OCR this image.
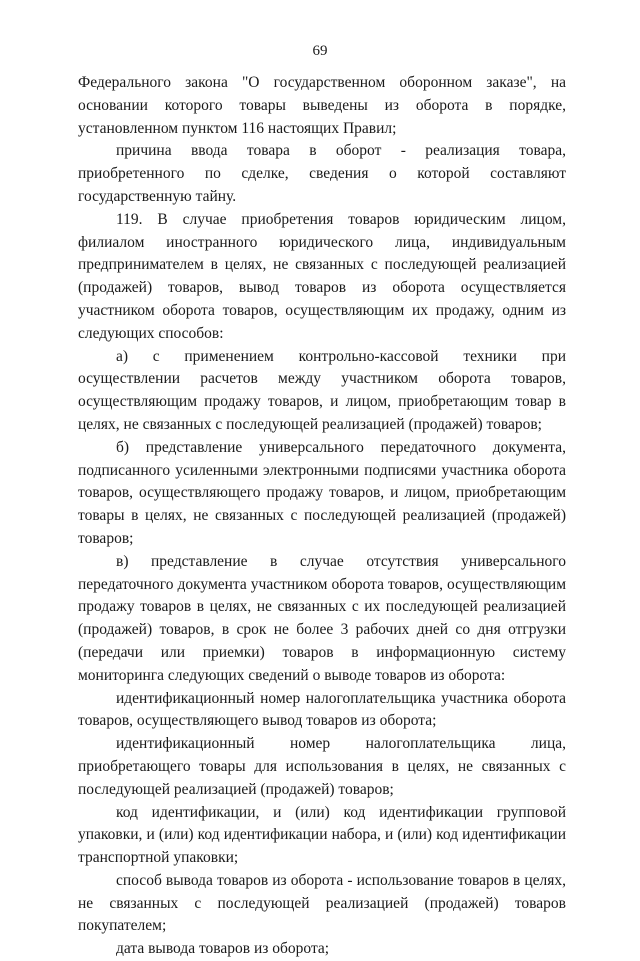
69

Федерального закона "О государственном оборонном заказе", на основании которого товары выведены из оборота в порядке, установленном пунктом 116 настоящих Правил;

причина ввода товара в оборот - реализация товара, приобретенного по сделке, сведения о которой составляют государственную тайну.

119. В случае приобретения товаров юридическим лицом, филиалом иностранного юридического лица, индивидуальным предпринимателем в целях, не связанных с последующей реализацией (продажей) товаров, вывод товаров из оборота осуществляется участником оборота товаров, осуществляющим их продажу, одним из следующих способов:

а) с применением контрольно-кассовой техники при осуществлении расчетов между участником оборота товаров, осуществляющим продажу товаров, и лицом, приобретающим товар в целях, не связанных с последующей реализацией (продажей) товаров;

б) представление универсального передаточного документа, подписанного усиленными электронными подписями участника оборота товаров, осуществляющего продажу товаров, и лицом, приобретающим товары в целях, не связанных с последующей реализацией (продажей) товаров;

в) представление в случае отсутствия универсального передаточного документа участником оборота товаров, осуществляющим продажу товаров в целях, не связанных с их последующей реализацией (продажей) товаров, в срок не более 3 рабочих дней со дня отгрузки (передачи или приемки) товаров в информационную систему мониторинга следующих сведений о выводе товаров из оборота:

идентификационный номер налогоплательщика участника оборота товаров, осуществляющего вывод товаров из оборота;

идентификационный номер налогоплательщика лица, приобретающего товары для использования в целях, не связанных с последующей реализацией (продажей) товаров;

код идентификации, и (или) код идентификации групповой упаковки, и (или) код идентификации набора, и (или) код идентификации транспортной упаковки;

способ вывода товаров из оборота - использование товаров в целях, не связанных с последующей реализацией (продажей) товаров покупателем;

дата вывода товаров из оборота;
